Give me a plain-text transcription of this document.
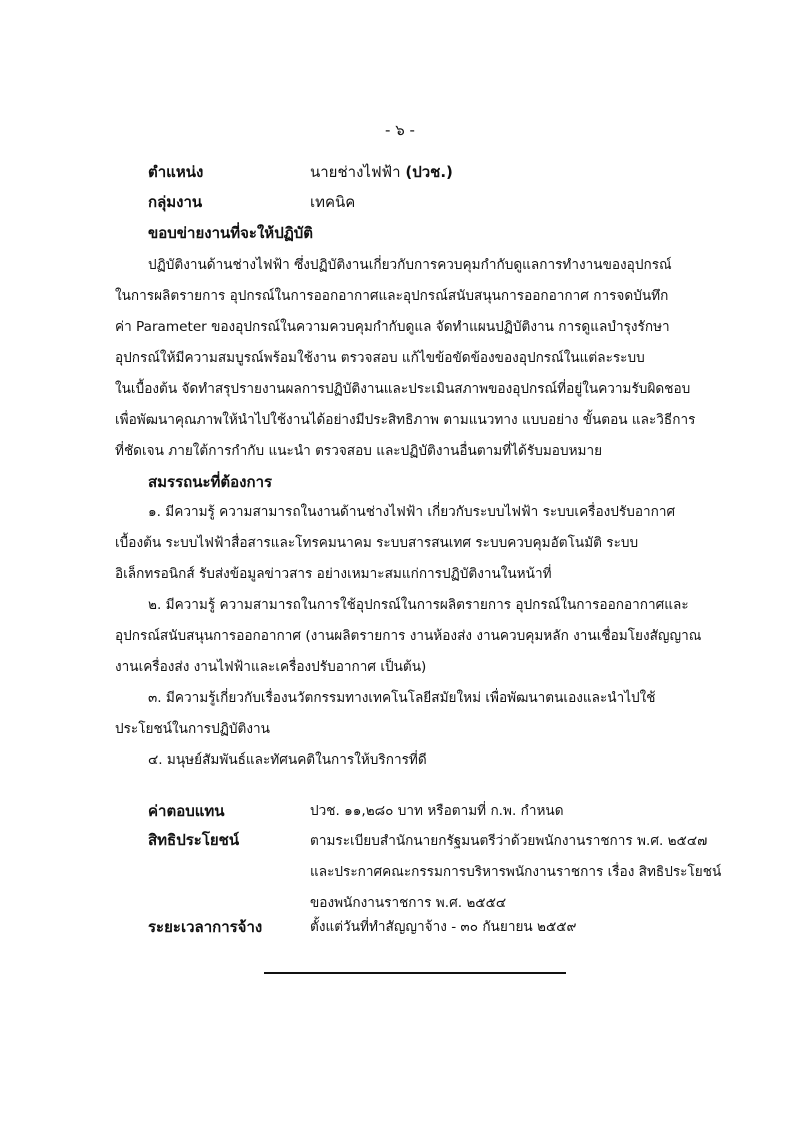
- ๖ -
ตำแหน่ง	นายช่างไฟฟ้า (ปวช.)
กลุ่มงาน	เทคนิค
ขอบข่ายงานที่จะให้ปฏิบัติ
ปฏิบัติงานด้านช่างไฟฟ้า ซึ่งปฏิบัติงานเกี่ยวกับการควบคุมกำกับดูแลการทำงานของอุปกรณ์
ในการผลิตรายการ อุปกรณ์ในการออกอากาศและอุปกรณ์สนับสนุนการออกอากาศ การจดบันทึก
ค่า Parameter ของอุปกรณ์ในความควบคุมกำกับดูแล จัดทำแผนปฏิบัติงาน การดูแลบำรุงรักษา
อุปกรณ์ให้มีความสมบูรณ์พร้อมใช้งาน ตรวจสอบ แก้ไขข้อขัดข้องของอุปกรณ์ในแต่ละระบบ
ในเบื้องต้น จัดทำสรุปรายงานผลการปฏิบัติงานและประเมินสภาพของอุปกรณ์ที่อยู่ในความรับผิดชอบ
เพื่อพัฒนาคุณภาพให้นำไปใช้งานได้อย่างมีประสิทธิภาพ ตามแนวทาง แบบอย่าง ขั้นตอน และวิธีการ
ที่ชัดเจน ภายใต้การกำกับ แนะนำ ตรวจสอบ และปฏิบัติงานอื่นตามที่ได้รับมอบหมาย
สมรรถนะที่ต้องการ
๑. มีความรู้ ความสามารถในงานด้านช่างไฟฟ้า เกี่ยวกับระบบไฟฟ้า ระบบเครื่องปรับอากาศ
เบื้องต้น ระบบไฟฟ้าสื่อสารและโทรคมนาคม ระบบสารสนเทศ ระบบควบคุมอัตโนมัติ ระบบ
อิเล็กทรอนิกส์ รับส่งข้อมูลข่าวสาร อย่างเหมาะสมแก่การปฏิบัติงานในหน้าที่
๒. มีความรู้ ความสามารถในการใช้อุปกรณ์ในการผลิตรายการ อุปกรณ์ในการออกอากาศและ
อุปกรณ์สนับสนุนการออกอากาศ (งานผลิตรายการ งานห้องส่ง งานควบคุมหลัก งานเชื่อมโยงสัญญาณ
งานเครื่องส่ง งานไฟฟ้าและเครื่องปรับอากาศ เป็นต้น)
๓. มีความรู้เกี่ยวกับเรื่องนวัตกรรมทางเทคโนโลยีสมัยใหม่ เพื่อพัฒนาตนเองและนำไปใช้
ประโยชน์ในการปฏิบัติงาน
๔. มนุษย์สัมพันธ์และทัศนคติในการให้บริการที่ดี
ค่าตอบแทน	ปวช. ๑๑,๒๘๐ บาท หรือตามที่ ก.พ. กำหนด
สิทธิประโยชน์	ตามระเบียบสำนักนายกรัฐมนตรีว่าด้วยพนักงานราชการ พ.ศ. ๒๕๔๗
และประกาศคณะกรรมการบริหารพนักงานราชการ เรื่อง สิทธิประโยชน์
ของพนักงานราชการ พ.ศ. ๒๕๕๔
ระยะเวลาการจ้าง	ตั้งแต่วันที่ทำสัญญาจ้าง - ๓๐ กันยายน ๒๕๕๙
